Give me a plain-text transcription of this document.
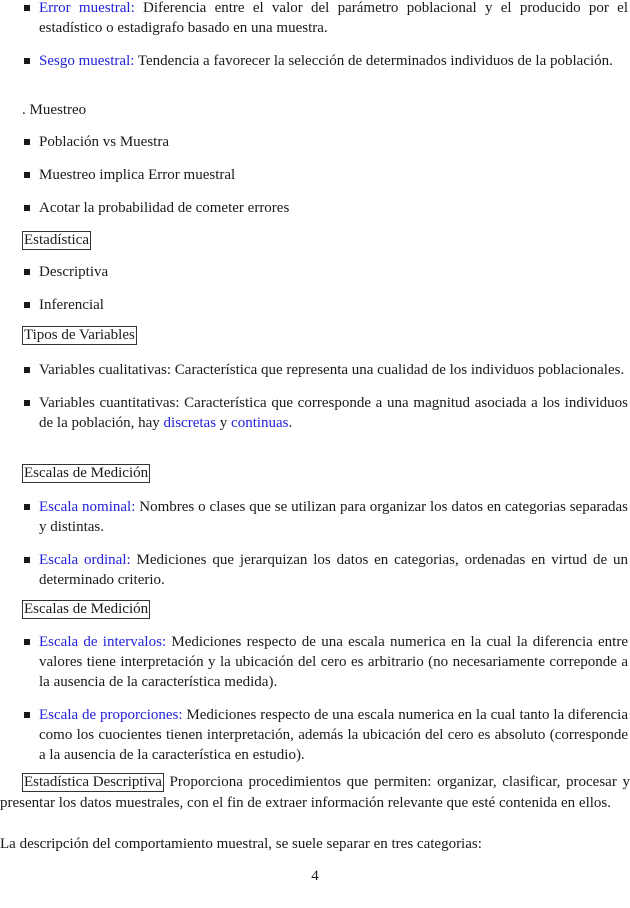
Error muestral: Diferencia entre el valor del parámetro poblacional y el producido por el estadístico o estadigrafo basado en una muestra.
Sesgo muestral: Tendencia a favorecer la selección de determinados individuos de la población.
. Muestreo
Población vs Muestra
Muestreo implica Error muestral
Acotar la probabilidad de cometer errores
Estadística
Descriptiva
Inferencial
Tipos de Variables
Variables cualitativas: Característica que representa una cualidad de los individuos poblacionales.
Variables cuantitativas: Característica que corresponde a una magnitud asociada a los individuos de la población, hay discretas y continuas.
Escalas de Medición
Escala nominal: Nombres o clases que se utilizan para organizar los datos en categorias separadas y distintas.
Escala ordinal: Mediciones que jerarquizan los datos en categorias, ordenadas en virtud de un determinado criterio.
Escalas de Medición
Escala de intervalos: Mediciones respecto de una escala numerica en la cual la diferencia entre valores tiene interpretación y la ubicación del cero es arbitrario (no necesariamente correponde a la ausencia de la característica medida).
Escala de proporciones: Mediciones respecto de una escala numerica en la cual tanto la diferencia como los cuocientes tienen interpretación, además la ubicación del cero es absoluto (corresponde a la ausencia de la característica en estudio).
Estadística Descriptiva Proporciona procedimientos que permiten: organizar, clasificar, procesar y presentar los datos muestrales, con el fin de extraer información relevante que esté contenida en ellos.
La descripción del comportamiento muestral, se suele separar en tres categorias:
4
